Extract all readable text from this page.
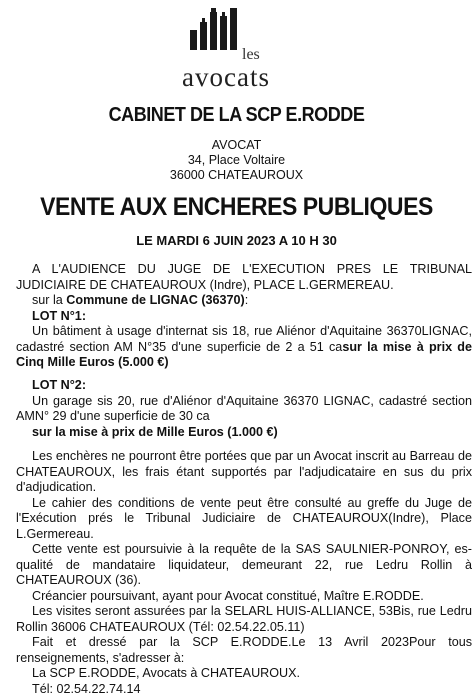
les
avocats
CABINET DE LA SCP E.RODDE
AVOCAT
34, Place Voltaire
36000 CHATEAUROUX
VENTE AUX ENCHERES PUBLIQUES
LE MARDI 6 JUIN 2023 A 10 H 30

A L'AUDIENCE DU JUGE DE L'EXECUTION PRES LE TRIBUNAL JUDICIAIRE DE CHATEAUROUX (Indre), PLACE L.GERMEREAU.

sur la Commune de LIGNAC (36370):

LOT N°1:

Un bâtiment à usage d'internat sis 18, rue Aliénor d'Aquitaine 36370LIGNAC, cadastré section AM N°35 d'une superficie de 2 a 51 casur la mise à prix de Cinq Mille Euros (5.000 €)

LOT N°2:

Un garage sis 20, rue d'Aliénor d'Aquitaine 36370 LIGNAC, cadastré section AMN° 29 d'une superficie de 30 ca

sur la mise à prix de Mille Euros (1.000 €)

Les enchères ne pourront être portées que par un Avocat inscrit au Barreau de CHATEAUROUX, les frais étant supportés par l'adjudicataire en sus du prix d'adjudication.

Le cahier des conditions de vente peut être consulté au greffe du Juge de l'Exécution prés le Tribunal Judiciaire de CHATEAUROUX(Indre), Place L.Germereau.

Cette vente est poursuivie à la requête de la SAS SAULNIER-PONROY, es-qualité de mandataire liquidateur, demeurant 22, rue Ledru Rollin à CHATEAUROUX (36).

Créancier poursuivant, ayant pour Avocat constitué, Maître E.RODDE.

Les visites seront assurées par la SELARL HUIS-ALLIANCE, 53Bis, rue Ledru Rollin 36006 CHATEAUROUX (Tél: 02.54.22.05.11)

Fait et dressé par la SCP E.RODDE.Le 13 Avril 2023Pour tous renseignements, s'adresser à:

La SCP E.RODDE, Avocats à CHATEAUROUX.

Tél: 02.54.22.74.14
